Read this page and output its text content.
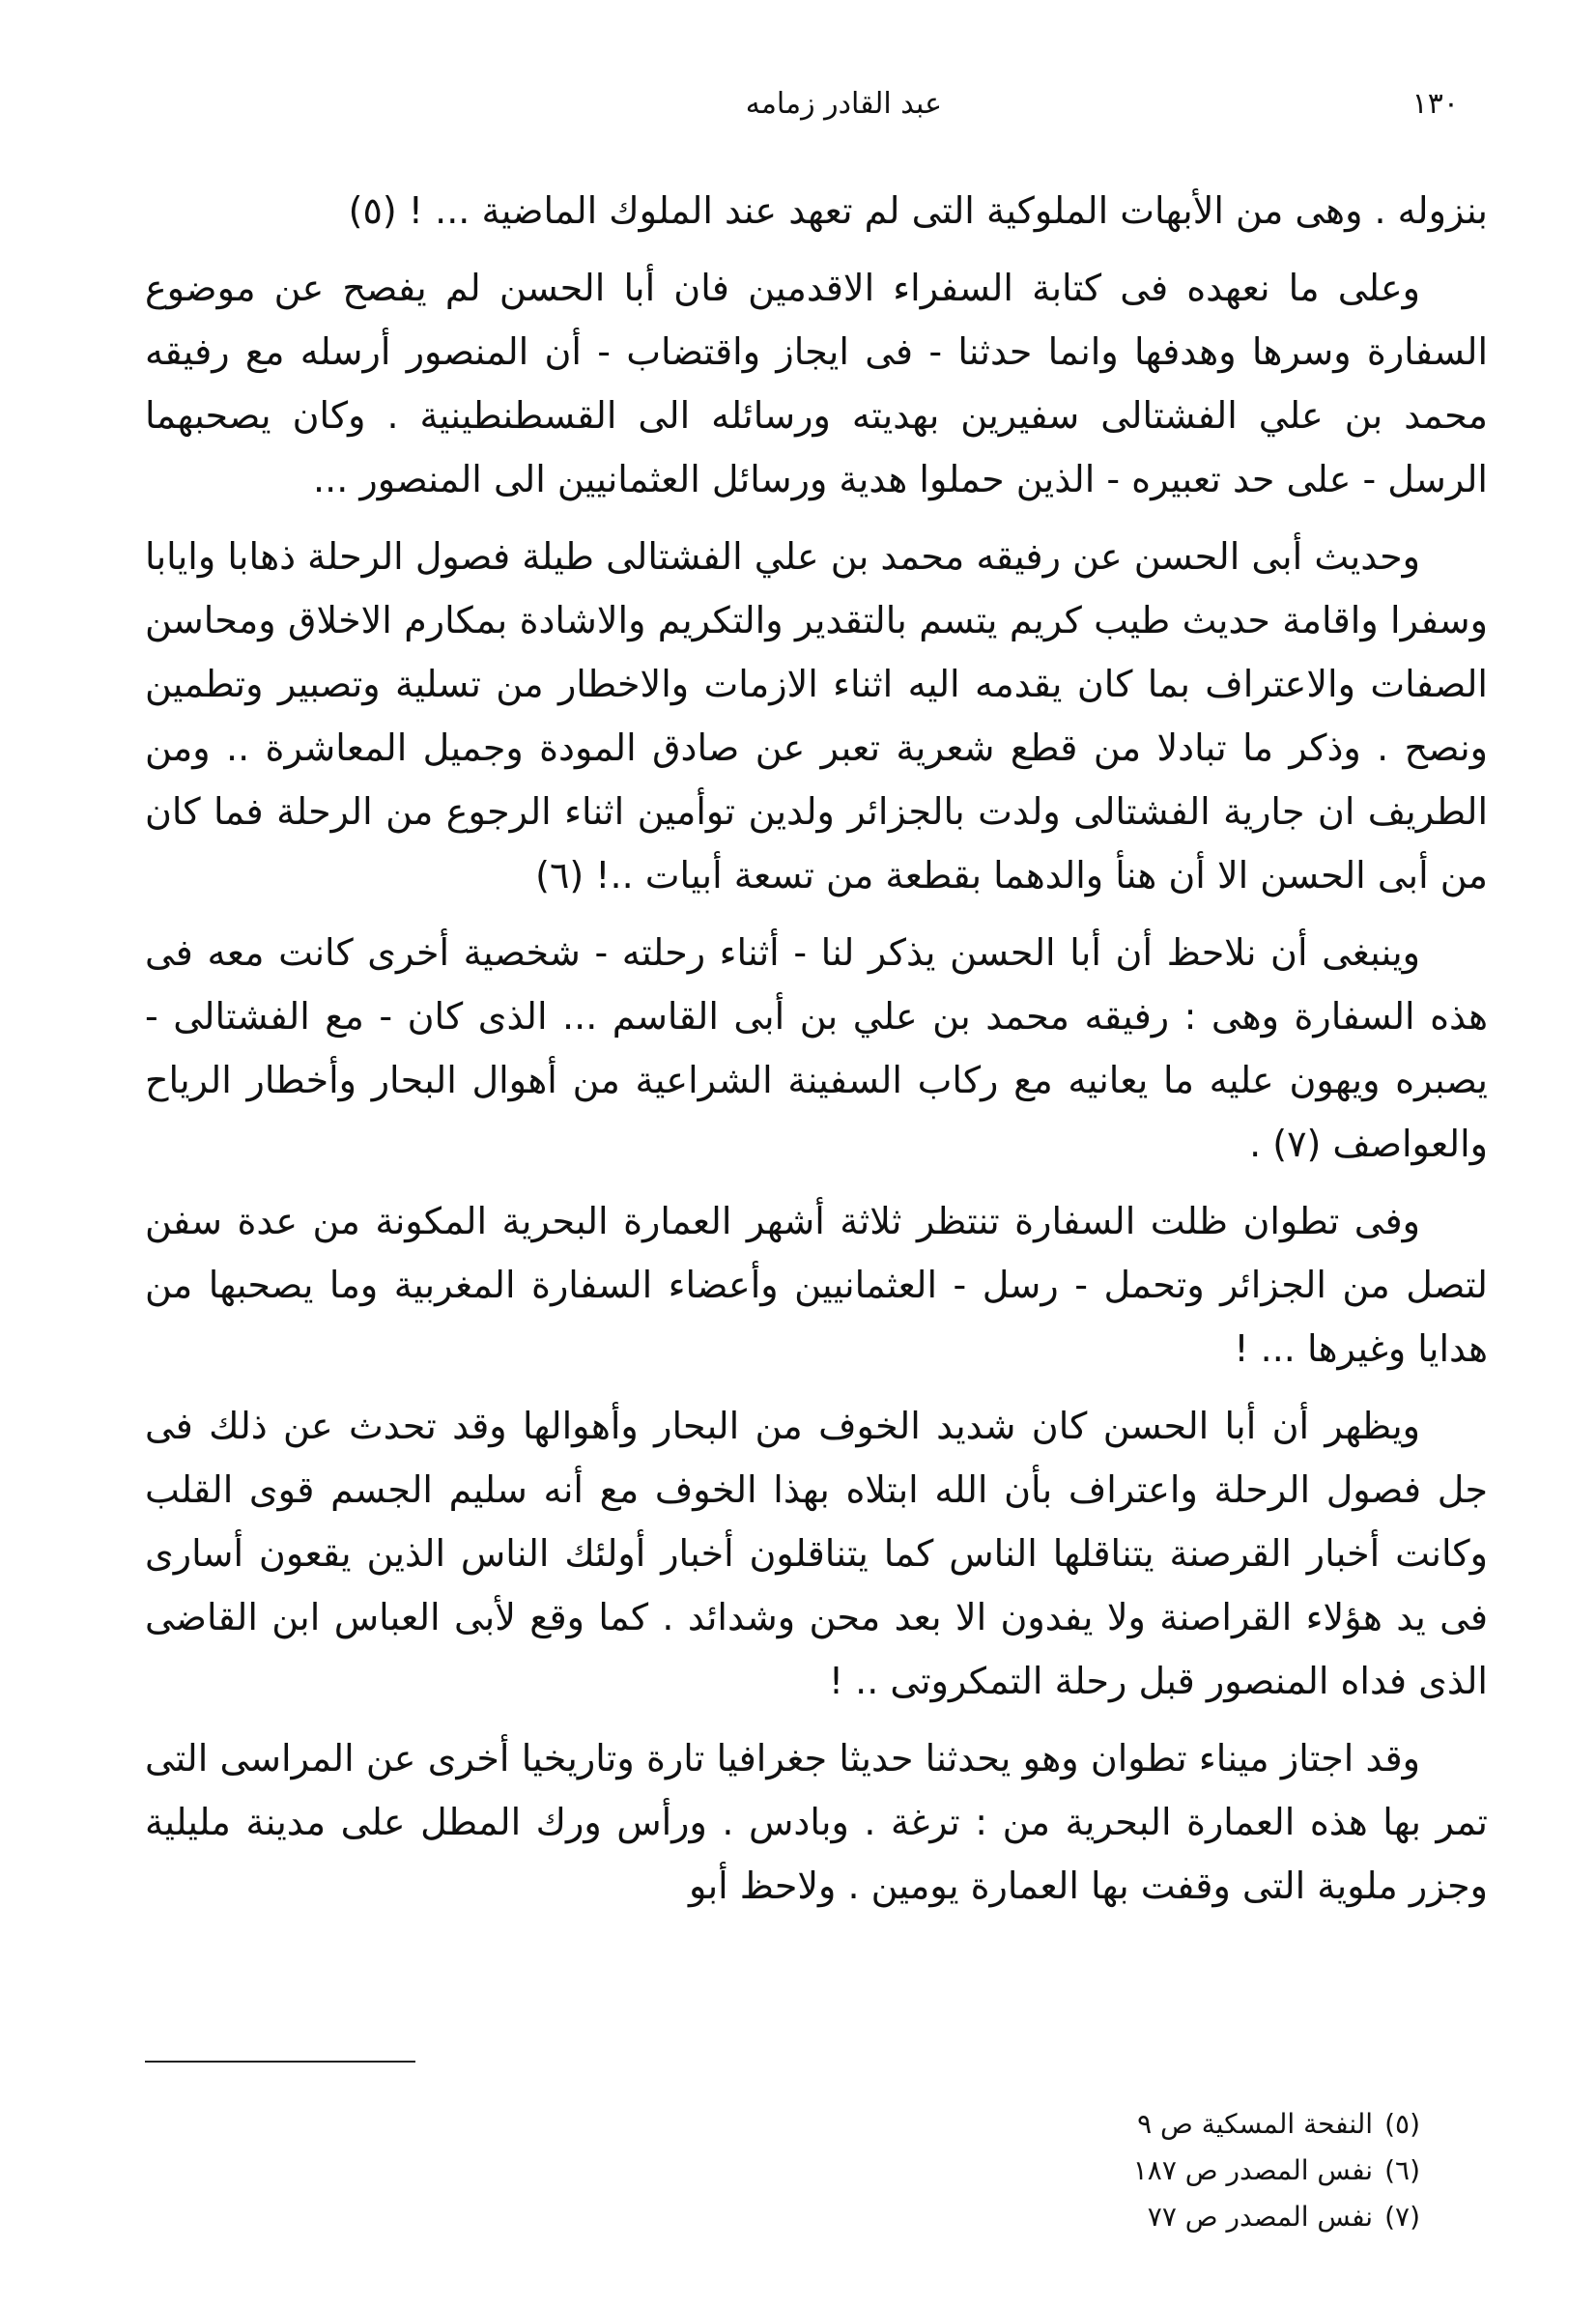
١٣٠
عبد القادر زمامه

بنزوله . وهى من الأبهات الملوكية التى لم تعهد عند الملوك الماضية ... ! (٥)

وعلى ما نعهده فى كتابة السفراء الاقدمين فان أبا الحسن لم يفصح عن موضوع السفارة وسرها وهدفها وانما حدثنا - فى ايجاز واقتضاب - أن المنصور أرسله مع رفيقه محمد بن علي الفشتالى سفيرين بهديته ورسائله الى القسطنطينية . وكان يصحبهما الرسل - على حد تعبيره - الذين حملوا هدية ورسائل العثمانيين الى المنصور ...

وحديث أبى الحسن عن رفيقه محمد بن علي الفشتالى طيلة فصول الرحلة ذهابا وايابا وسفرا واقامة حديث طيب كريم يتسم بالتقدير والتكريم والاشادة بمكارم الاخلاق ومحاسن الصفات والاعتراف بما كان يقدمه اليه اثناء الازمات والاخطار من تسلية وتصبير وتطمين ونصح . وذكر ما تبادلا من قطع شعرية تعبر عن صادق المودة وجميل المعاشرة .. ومن الطريف ان جارية الفشتالى ولدت بالجزائر ولدين توأمين اثناء الرجوع من الرحلة فما كان من أبى الحسن الا أن هنأ والدهما بقطعة من تسعة أبيات ..! (٦)

وينبغى أن نلاحظ أن أبا الحسن يذكر لنا - أثناء رحلته - شخصية أخرى كانت معه فى هذه السفارة وهى : رفيقه محمد بن علي بن أبى القاسم ... الذى كان - مع الفشتالى - يصبره ويهون عليه ما يعانيه مع ركاب السفينة الشراعية من أهوال البحار وأخطار الرياح والعواصف (٧) .

وفى تطوان ظلت السفارة تنتظر ثلاثة أشهر العمارة البحرية المكونة من عدة سفن لتصل من الجزائر وتحمل - رسل - العثمانيين وأعضاء السفارة المغربية وما يصحبها من هدايا وغيرها ... !

ويظهر أن أبا الحسن كان شديد الخوف من البحار وأهوالها وقد تحدث عن ذلك فى جل فصول الرحلة واعتراف بأن الله ابتلاه بهذا الخوف مع أنه سليم الجسم قوى القلب وكانت أخبار القرصنة يتناقلها الناس كما يتناقلون أخبار أولئك الناس الذين يقعون أسارى فى يد هؤلاء القراصنة ولا يفدون الا بعد محن وشدائد . كما وقع لأبى العباس ابن القاضى الذى فداه المنصور قبل رحلة التمكروتى .. !

وقد اجتاز ميناء تطوان وهو يحدثنا حديثا جغرافيا تارة وتاريخيا أخرى عن المراسى التى تمر بها هذه العمارة البحرية من : ترغة . وبادس . ورأس ورك المطل على مدينة مليلية وجزر ملوية التى وقفت بها العمارة يومين . ولاحظ أبو

(٥)النفحة المسكية ص ٩
(٦)نفس المصدر ص ١٨٧
(٧)نفس المصدر ص ٧٧
